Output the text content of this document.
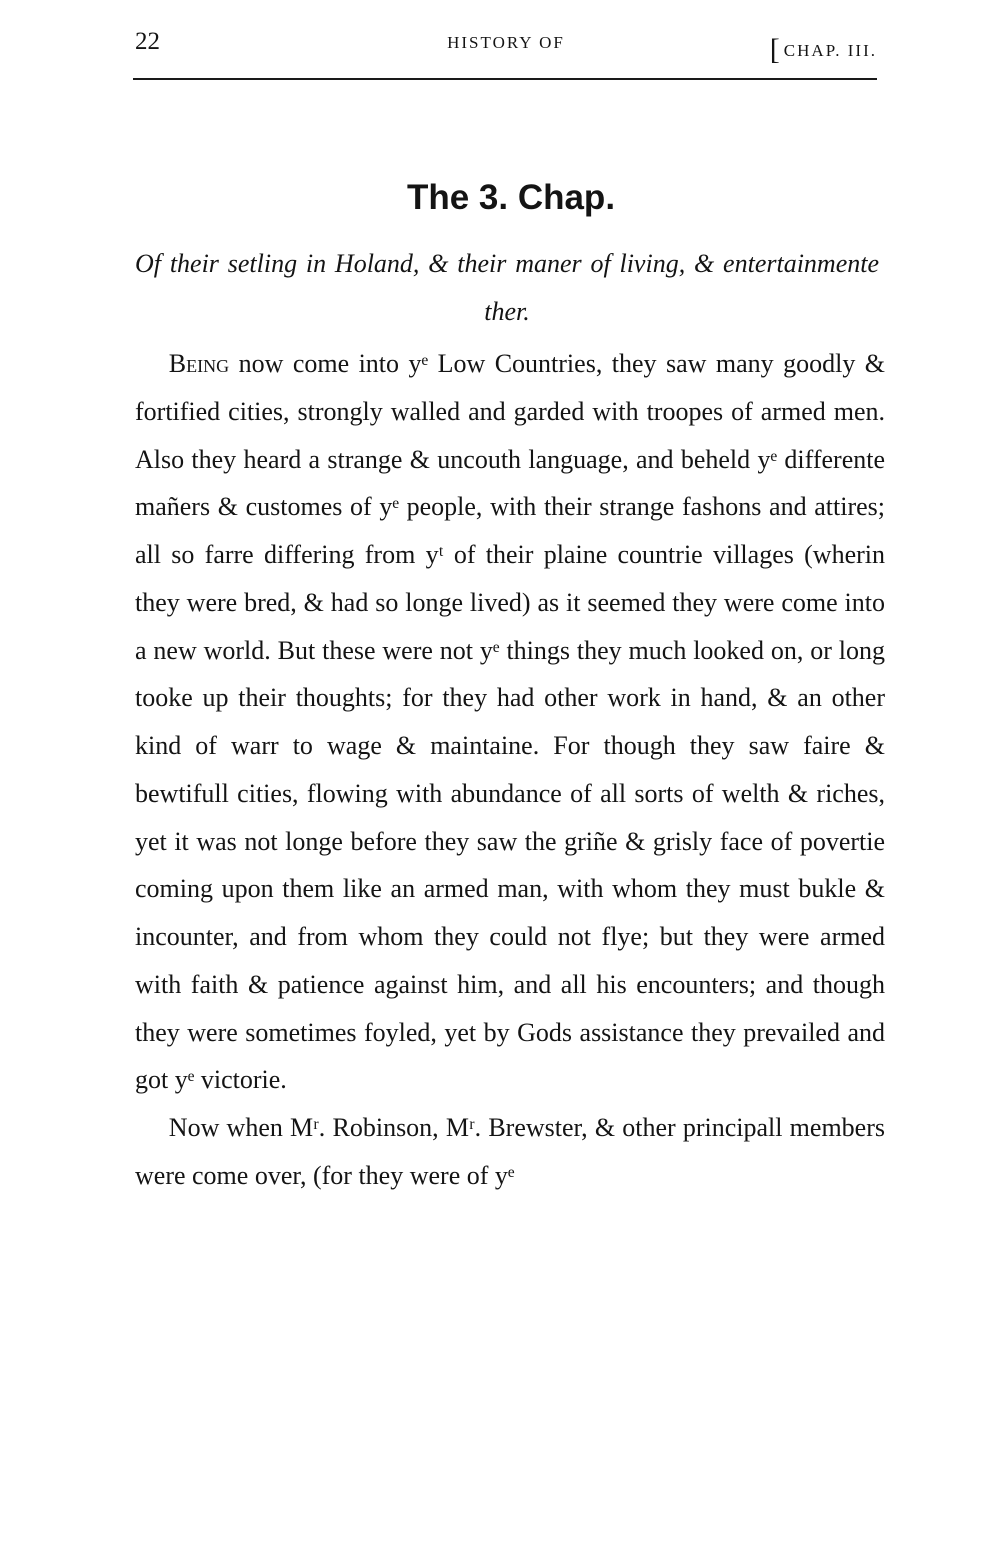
22	HISTORY OF	[ CHAP. III.
The 3. Chap.
Of their setling in Holand, & their maner of living, & entertainmente ther.

Being now come into yᵉ Low Countries, they saw many goodly & fortified cities, strongly walled and garded with troopes of armed men. Also they heard a strange & uncouth language, and beheld yᵉ differente mañers & customes of yᵉ people, with their strange fashons and attires; all so farre differing from yᵗ of their plaine countrie villages (wherin they were bred, & had so longe lived) as it seemed they were come into a new world. But these were not yᵉ things they much looked on, or long tooke up their thoughts; for they had other work in hand, & an other kind of warr to wage & maintaine. For though they saw faire & bewtifull cities, flowing with abundance of all sorts of welth & riches, yet it was not longe before they saw the griñe & grisly face of povertie coming upon them like an armed man, with whom they must bukle & incounter, and from whom they could not flye; but they were armed with faith & patience against him, and all his encounters; and though they were sometimes foyled, yet by Gods assistance they prevailed and got yᵉ victorie.

Now when Mʳ. Robinson, Mʳ. Brewster, & other principall members were come over, (for they were of yᵉ
